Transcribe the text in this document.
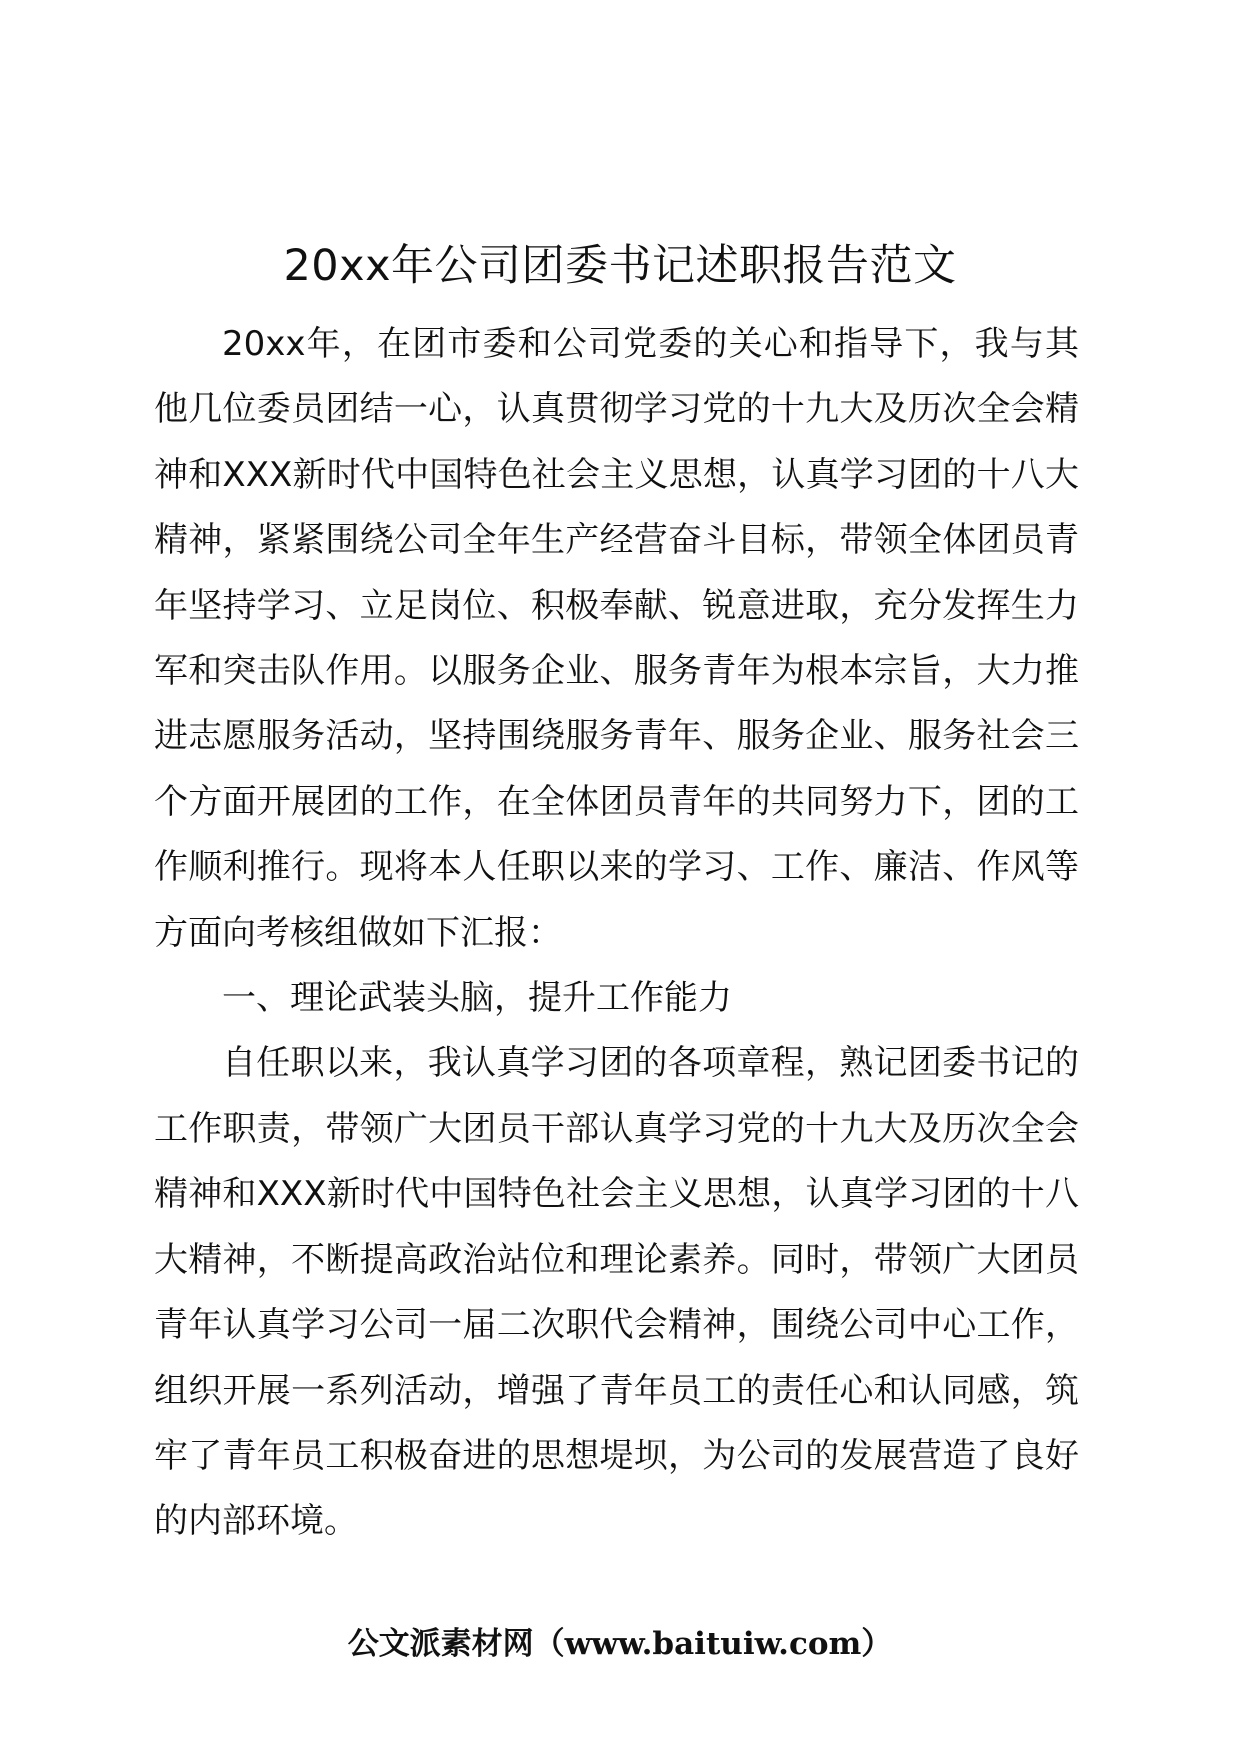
20xx年公司团委书记述职报告范文

20xx年，在团市委和公司党委的关心和指导下，我与其他几位委员团结一心，认真贯彻学习党的十九大及历次全会精神和XXX新时代中国特色社会主义思想，认真学习团的十八大精神，紧紧围绕公司全年生产经营奋斗目标，带领全体团员青年坚持学习、立足岗位、积极奉献、锐意进取，充分发挥生力军和突击队作用。以服务企业、服务青年为根本宗旨，大力推进志愿服务活动，坚持围绕服务青年、服务企业、服务社会三个方面开展团的工作，在全体团员青年的共同努力下，团的工作顺利推行。现将本人任职以来的学习、工作、廉洁、作风等方面向考核组做如下汇报：

一、理论武装头脑，提升工作能力

自任职以来，我认真学习团的各项章程，熟记团委书记的工作职责，带领广大团员干部认真学习党的十九大及历次全会精神和XXX新时代中国特色社会主义思想，认真学习团的十八大精神，不断提高政治站位和理论素养。同时，带领广大团员青年认真学习公司一届二次职代会精神，围绕公司中心工作，组织开展一系列活动，增强了青年员工的责任心和认同感，筑牢了青年员工积极奋进的思想堤坝，为公司的发展营造了良好的内部环境。

公文派素材网（www.baituiw.com）
